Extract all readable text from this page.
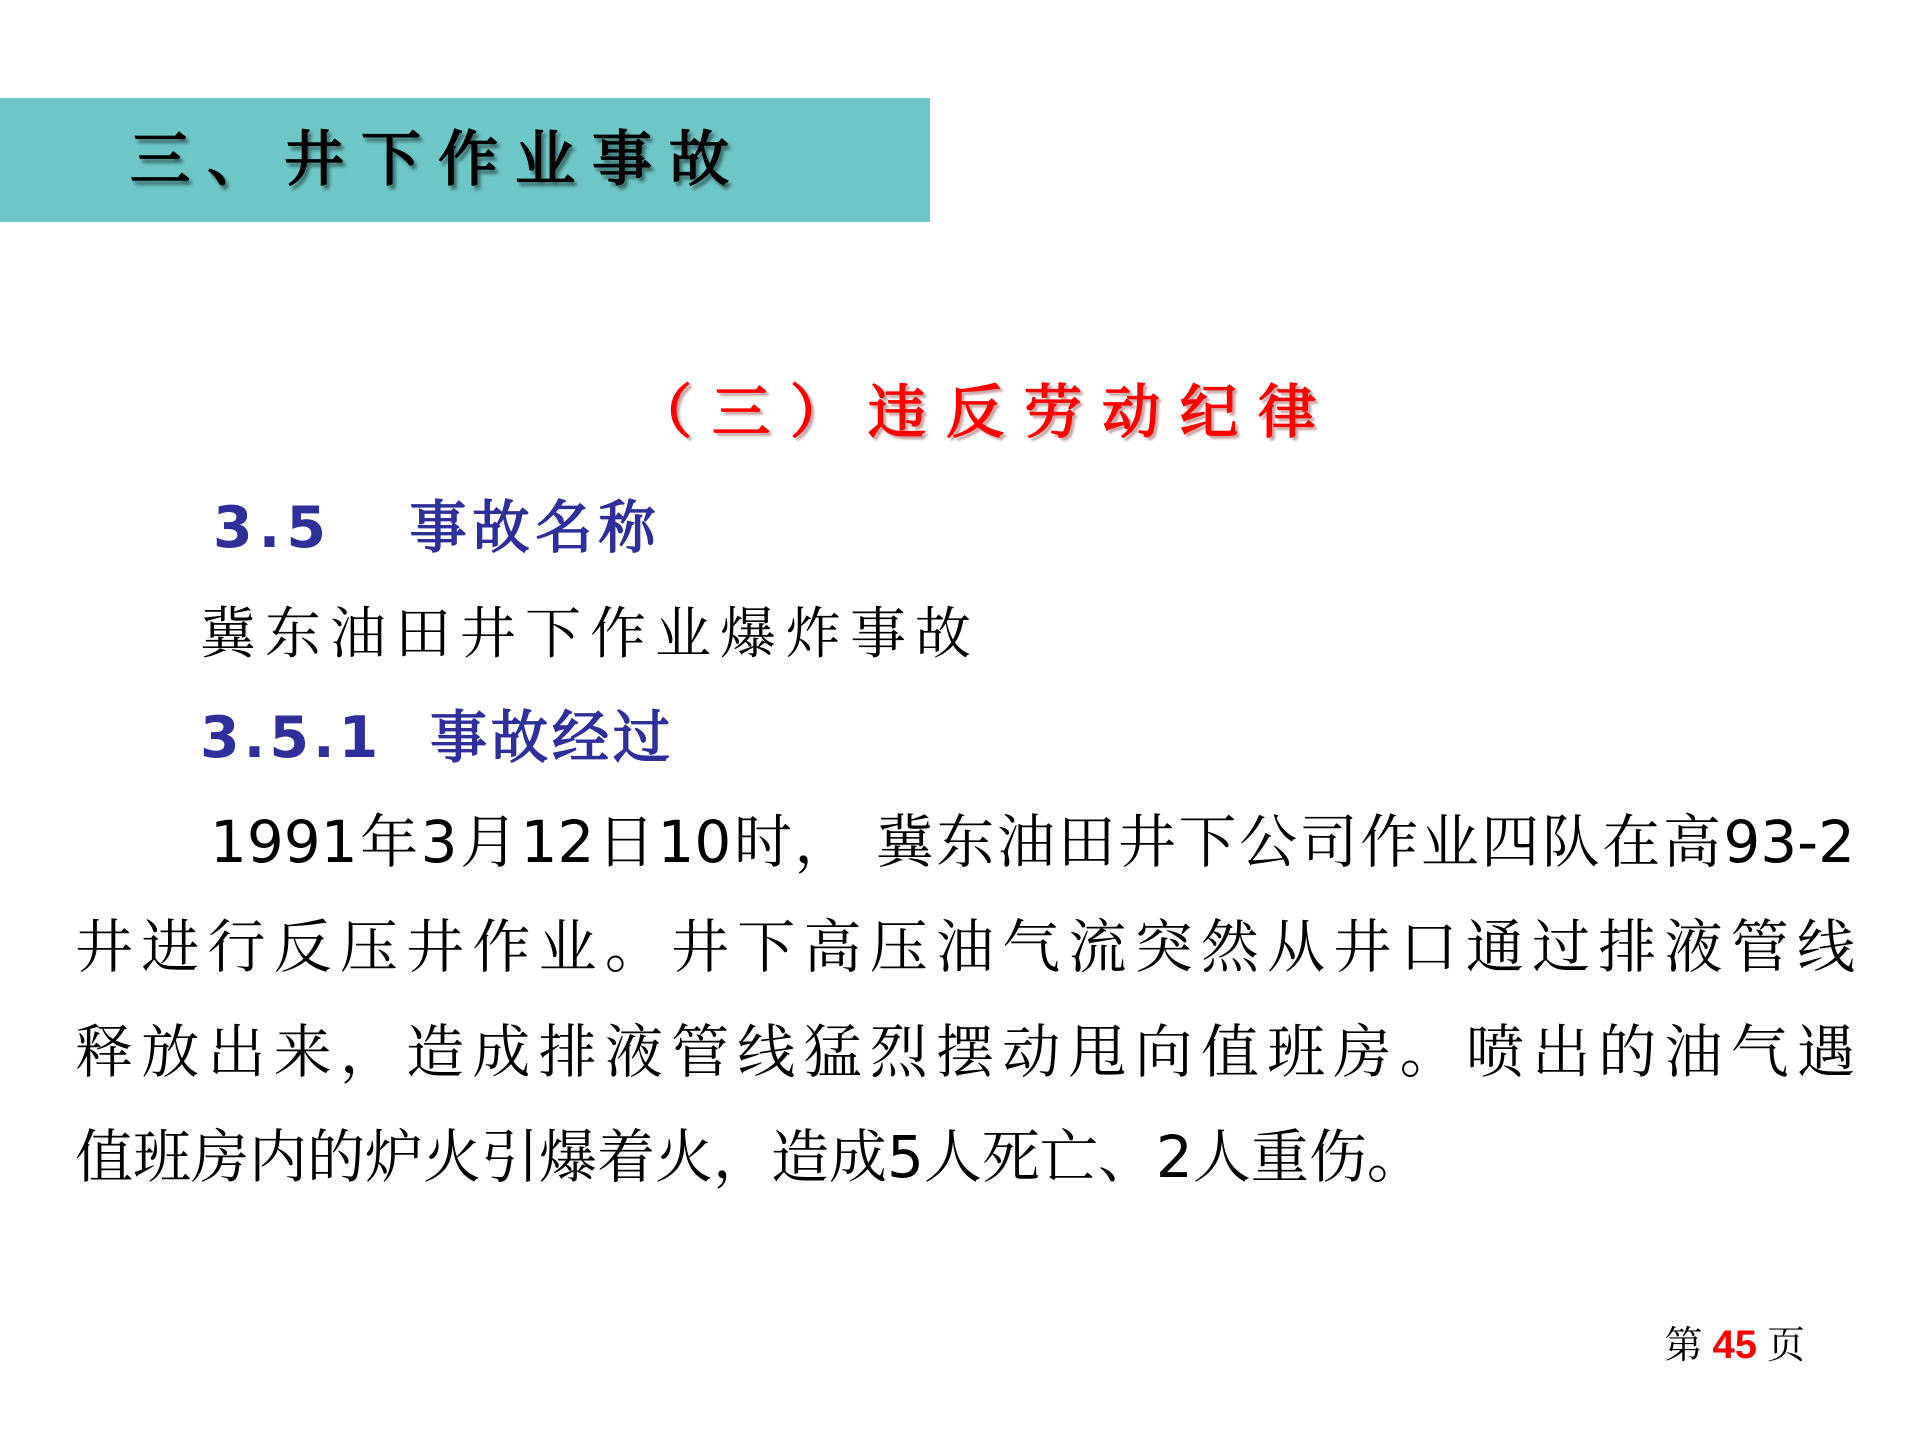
三、井下作业事故
（三）违反劳动纪律
3.5   事故名称
冀东油田井下作业爆炸事故
3.5.1  事故经过
1991年3月12日10时， 冀东油田井下公司作业四队在高93-2
井进行反压井作业。井下高压油气流突然从井口通过排液管线
释放出来，造成排液管线猛烈摆动甩向值班房。喷出的油气遇
值班房内的炉火引爆着火，造成5人死亡、2人重伤。
第 45 页
